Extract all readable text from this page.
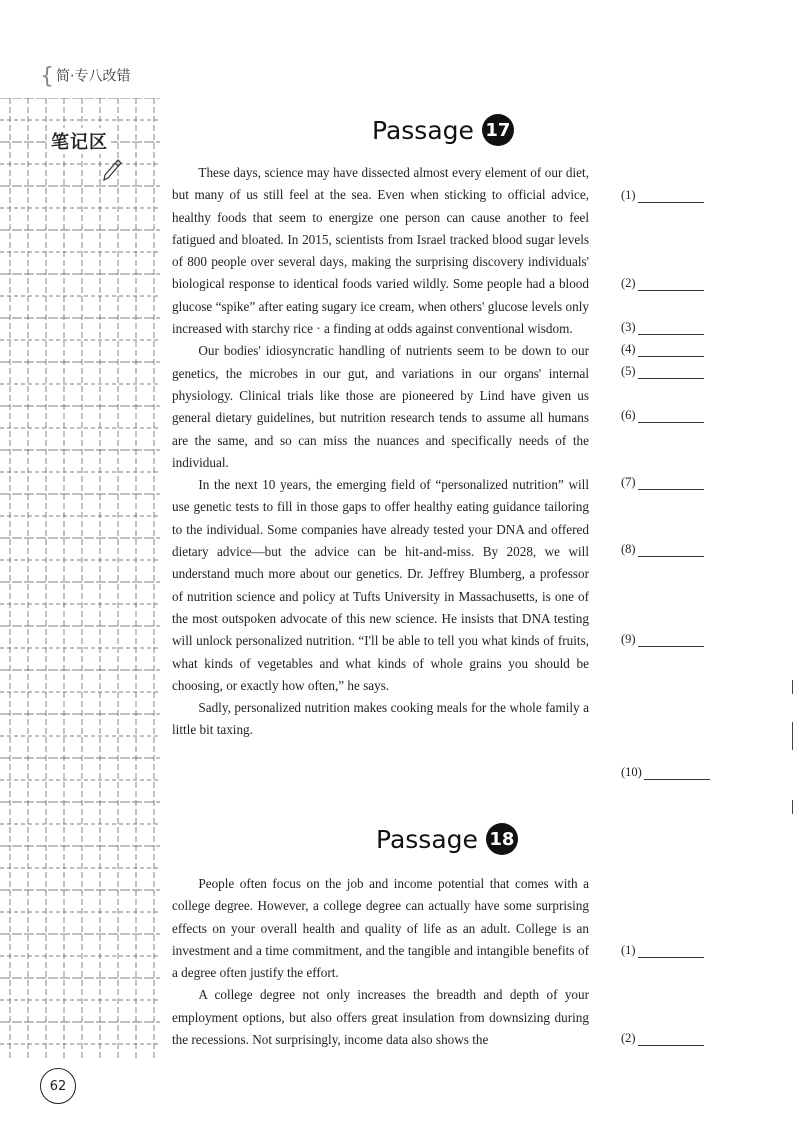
{ 简·专八改错
笔记区	Passage 17

These days, science may have dissected almost every element of our diet, but many of us still feel at the sea. Even when sticking to official advice, healthy foods that seem to energize one person can cause another to feel fatigued and bloated. In 2015, scientists from Israel tracked blood sugar levels of 800 people over several days, making the surprising discovery individuals' biological response to identical foods varied wildly. Some people had a blood glucose “spike” after eating sugary ice cream, when others' glucose levels only increased with starchy rice · a finding at odds against conventional wisdom.

Our bodies' idiosyncratic handling of nutrients seem to be down to our genetics, the microbes in our gut, and variations in our organs' internal physiology. Clinical trials like those are pioneered by Lind have given us general dietary guidelines, but nutrition research tends to assume all humans are the same, and so can miss the nuances and specifically needs of the individual.

In the next 10 years, the emerging field of “personalized nutrition” will use genetic tests to fill in those gaps to offer healthy eating guidance tailoring to the individual. Some companies have already tested your DNA and offered dietary advice—but the advice can be hit-and-miss. By 2028, we will understand much more about our genetics. Dr. Jeffrey Blumberg, a professor of nutrition science and policy at Tufts University in Massachusetts, is one of the most outspoken advocate of this new science. He insists that DNA testing will unlock personalized nutrition. “I'll be able to tell you what kinds of fruits, what kinds of vegetables and what kinds of whole grains you should be choosing, or exactly how often,” he says.

Sadly, personalized nutrition makes cooking meals for the whole family a little bit taxing.

(1)
(2)
(3)
(4)
(5)
(6)
(7)
(8)
(9)
(10)
Passage 18

People often focus on the job and income potential that comes with a college degree. However, a college degree can actually have some surprising effects on your overall health and quality of life as an adult. College is an investment and a time commitment, and the tangible and intangible benefits of a degree often justify the effort.

A college degree not only increases the breadth and depth of your employment options, but also offers great insulation from downsizing during the recessions. Not surprisingly, income data also shows the

(1)
(2)
62
